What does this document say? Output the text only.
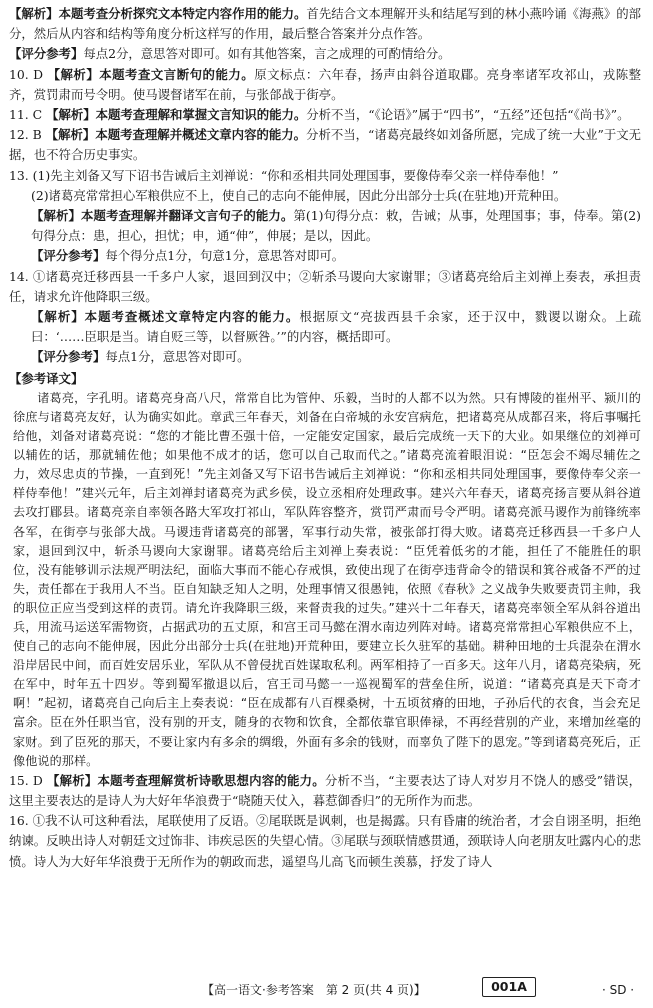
【解析】本题考查分析探究文本特定内容作用的能力。首先结合文本理解开头和结尾写到的林小燕吟诵《海燕》的部分，然后从内容和结构等角度分析这样写的作用，最后整合答案并分点作答。

【评分参考】每点2分，意思答对即可。如有其他答案，言之成理的可酌情给分。

10. D 【解析】本题考查文言断句的能力。原文标点：六年春，扬声由斜谷道取郿。亮身率诸军攻祁山，戎陈整齐，赏罚肃而号令明。使马谡督诸军在前，与张郃战于街亭。

11. C 【解析】本题考查理解和掌握文言知识的能力。分析不当，“《论语》”属于“四书”，“五经”还包括“《尚书》”。

12. B 【解析】本题考查理解并概述文章内容的能力。分析不当，“诸葛亮最终如刘备所愿，完成了统一大业”于文无据，也不符合历史事实。

13. (1)先主刘备又写下诏书告诫后主刘禅说：“你和丞相共同处理国事，要像侍奉父亲一样侍奉他！”

(2)诸葛亮常常担心军粮供应不上，使自己的志向不能伸展，因此分出部分士兵(在驻地)开荒种田。

【解析】本题考查理解并翻译文言句子的能力。第(1)句得分点：敕，告诫；从事，处理国事；事，侍奉。第(2)句得分点：患，担心，担忧；申，通“伸”，伸展；是以，因此。

【评分参考】每个得分点1分，句意1分，意思答对即可。

14. ①诸葛亮迁移西县一千多户人家，退回到汉中；②斩杀马谡向大家谢罪；③诸葛亮给后主刘禅上奏表，承担责任，请求允许他降职三级。

【解析】本题考查概述文章特定内容的能力。根据原文“亮拔西县千余家，还于汉中，戮谡以谢众。上疏曰：‘……臣职是当。请自贬三等，以督厥咎。’”的内容，概括即可。

【评分参考】每点1分，意思答对即可。

【参考译文】

诸葛亮，字孔明。诸葛亮身高八尺，常常自比为管仲、乐毅，当时的人都不以为然。只有博陵的崔州平、颍川的徐庶与诸葛亮友好，认为确实如此。章武三年春天，刘备在白帝城的永安宫病危，把诸葛亮从成都召来，将后事嘱托给他，刘备对诸葛亮说：“您的才能比曹丕强十倍，一定能安定国家，最后完成统一天下的大业。如果继位的刘禅可以辅佐的话，那就辅佐他；如果他不成才的话，您可以自己取而代之。”诸葛亮流着眼泪说：“臣怎会不竭尽辅佐之力，效尽忠贞的节操，一直到死！”先主刘备又写下诏书告诫后主刘禅说：“你和丞相共同处理国事，要像侍奉父亲一样侍奉他！”建兴元年，后主刘禅封诸葛亮为武乡侯，设立丞相府处理政事。建兴六年春天，诸葛亮扬言要从斜谷道去攻打郿县。诸葛亮亲自率领各路大军攻打祁山，军队阵容整齐，赏罚严肃而号令严明。诸葛亮派马谡作为前锋统率各军，在街亭与张郃大战。马谡违背诸葛亮的部署，军事行动失常，被张郃打得大败。诸葛亮迁移西县一千多户人家，退回到汉中，斩杀马谡向大家谢罪。诸葛亮给后主刘禅上奏表说：“臣凭着低劣的才能，担任了不能胜任的职位，没有能够训示法规严明法纪，面临大事而不能心存戒惧，致使出现了在街亭违背命令的错误和箕谷戒备不严的过失，责任都在于我用人不当。臣自知缺乏知人之明，处理事情又很愚钝，依照《春秋》之义战争失败要责罚主帅，我的职位正应当受到这样的责罚。请允许我降职三级，来督责我的过失。”建兴十二年春天，诸葛亮率领全军从斜谷道出兵，用流马运送军需物资，占据武功的五丈原，和宫王司马懿在渭水南边列阵对峙。诸葛亮常常担心军粮供应不上，使自己的志向不能伸展，因此分出部分士兵(在驻地)开荒种田，要建立长久驻军的基础。耕种田地的士兵混杂在渭水沿岸居民中间，而百姓安居乐业，军队从不曾侵扰百姓谋取私利。两军相持了一百多天。这年八月，诸葛亮染病，死在军中，时年五十四岁。等到蜀军撤退以后，宫王司马懿一一巡视蜀军的营垒住所，说道：“诸葛亮真是天下奇才啊！”起初，诸葛亮自己向后主上奏表说：“臣在成都有八百棵桑树，十五顷贫瘠的田地，子孙后代的衣食，当会充足富余。臣在外任职当官，没有别的开支，随身的衣物和饮食，全都依靠官职俸禄，不再经营别的产业，来增加丝毫的家财。到了臣死的那天，不要让家内有多余的绸缎，外面有多余的钱财，而辜负了陛下的恩宠。”等到诸葛亮死后，正像他说的那样。

15. D 【解析】本题考查理解赏析诗歌思想内容的能力。分析不当，“主要表达了诗人对岁月不饶人的感受”错误，这里主要表达的是诗人为大好年华浪费于“晓随天仗入，暮惹御香归”的无所作为而悲。

16. ①我不认可这种看法，尾联使用了反语。②尾联既是讽刺，也是揭露。只有昏庸的统治者，才会自诩圣明，拒绝纳谏。反映出诗人对朝廷文过饰非、讳疾忌医的失望心情。③尾联与颈联情感贯通，颈联诗人向老朋友吐露内心的悲愤。诗人为大好年华浪费于无所作为的朝政而悲，遥望鸟儿高飞而顿生羡慕，抒发了诗人

【高一语文·参考答案　第 2 页(共 4 页)】	001A	· SD ·
